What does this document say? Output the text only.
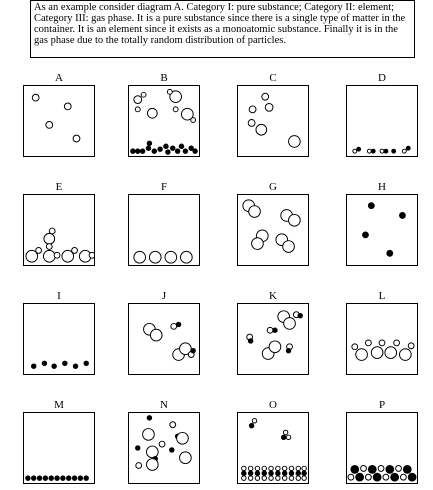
As an example consider diagram A. Category I: pure substance; Category II: element; Category III: gas phase. It is a pure substance since there is a single type of matter in the container. It is an element since it exists as a monoatomic substance. Finally it is in the gas phase due to the totally random distribution of particles.
A	B	C	D
E	F	G	H
I	J	K	L
M	N	O	P
